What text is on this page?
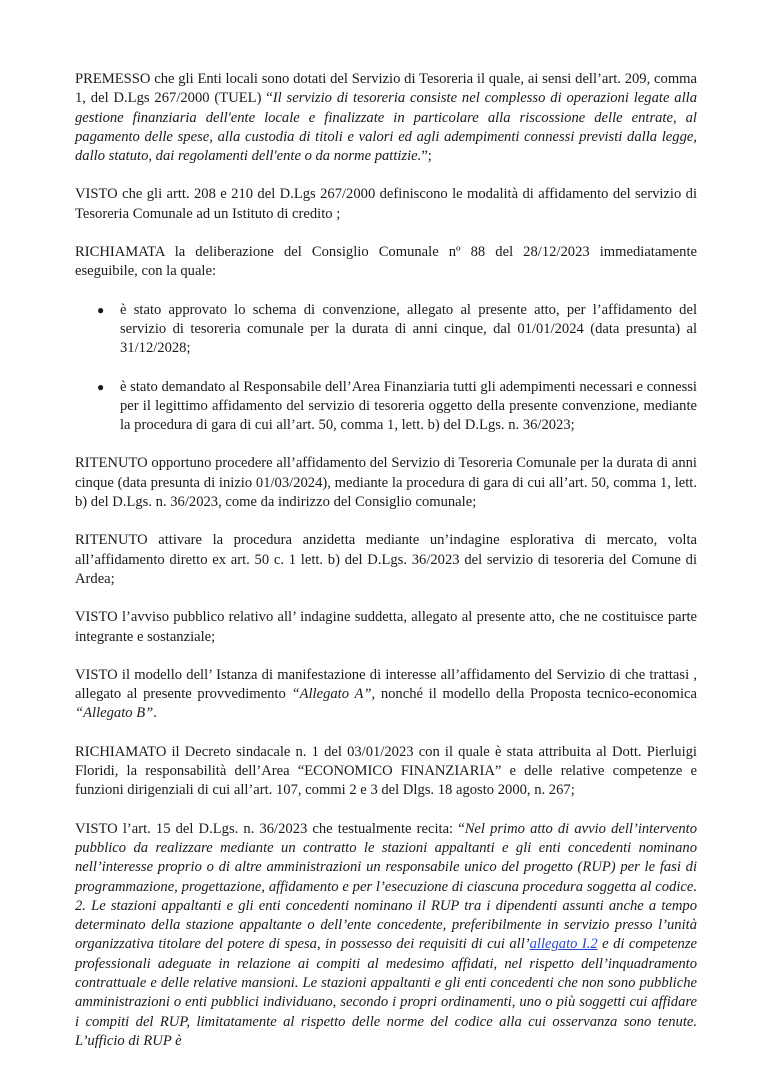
PREMESSO che gli Enti locali sono dotati del Servizio di Tesoreria il quale, ai sensi dell’art. 209, comma 1, del D.Lgs 267/2000 (TUEL) “Il servizio di tesoreria consiste nel complesso di operazioni legate alla gestione finanziaria dell'ente locale e finalizzate in particolare alla riscossione delle entrate, al pagamento delle spese, alla custodia di titoli e valori ed agli adempimenti connessi previsti dalla legge, dallo statuto, dai regolamenti dell'ente o da norme pattizie.”;

VISTO che gli artt. 208 e 210 del D.Lgs 267/2000 definiscono le modalità di affidamento del servizio di Tesoreria Comunale ad un Istituto di credito ;

RICHIAMATA la deliberazione del Consiglio Comunale nº 88 del 28/12/2023 immediatamente eseguibile, con la quale:

● è stato approvato lo schema di convenzione, allegato al presente atto, per l’affidamento del servizio di tesoreria comunale per la durata di anni cinque, dal 01/01/2024 (data presunta) al 31/12/2028;
● è stato demandato al Responsabile dell’Area Finanziaria tutti gli adempimenti necessari e connessi per il legittimo affidamento del servizio di tesoreria oggetto della presente convenzione, mediante la procedura di gara di cui all’art. 50, comma 1, lett. b) del D.Lgs. n. 36/2023;

RITENUTO opportuno procedere all’affidamento del Servizio di Tesoreria Comunale per la durata di anni cinque (data presunta di inizio 01/03/2024), mediante la procedura di gara di cui all’art. 50, comma 1, lett. b) del D.Lgs. n. 36/2023, come da indirizzo del Consiglio comunale;

RITENUTO attivare la procedura anzidetta mediante un’indagine esplorativa di mercato, volta all’affidamento diretto ex art. 50 c. 1 lett. b) del D.Lgs. 36/2023 del servizio di tesoreria del Comune di Ardea;

VISTO l’avviso pubblico relativo all’ indagine suddetta, allegato al presente atto, che ne costituisce parte integrante e sostanziale;

VISTO il modello dell’ Istanza di manifestazione di interesse all’affidamento del Servizio di che trattasi , allegato al presente provvedimento “Allegato A”, nonché il modello della Proposta tecnico-economica “Allegato B”.

RICHIAMATO il Decreto sindacale n. 1 del 03/01/2023 con il quale è stata attribuita al Dott. Pierluigi Floridi, la responsabilità dell’Area “ECONOMICO FINANZIARIA” e delle relative competenze e funzioni dirigenziali di cui all’art. 107, commi 2 e 3 del Dlgs. 18 agosto 2000, n. 267;

VISTO l’art. 15 del D.Lgs. n. 36/2023 che testualmente recita: “Nel primo atto di avvio dell’intervento pubblico da realizzare mediante un contratto le stazioni appaltanti e gli enti concedenti nominano nell’interesse proprio o di altre amministrazioni un responsabile unico del progetto (RUP) per le fasi di programmazione, progettazione, affidamento e per l’esecuzione di ciascuna procedura soggetta al codice. 2. Le stazioni appaltanti e gli enti concedenti nominano il RUP tra i dipendenti assunti anche a tempo determinato della stazione appaltante o dell’ente concedente, preferibilmente in servizio presso l’unità organizzativa titolare del potere di spesa, in possesso dei requisiti di cui all’allegato I.2 e di competenze professionali adeguate in relazione ai compiti al medesimo affidati, nel rispetto dell’inquadramento contrattuale e delle relative mansioni. Le stazioni appaltanti e gli enti concedenti che non sono pubbliche amministrazioni o enti pubblici individuano, secondo i propri ordinamenti, uno o più soggetti cui affidare i compiti del RUP, limitatamente al rispetto delle norme del codice alla cui osservanza sono tenute. L’ufficio di RUP è
